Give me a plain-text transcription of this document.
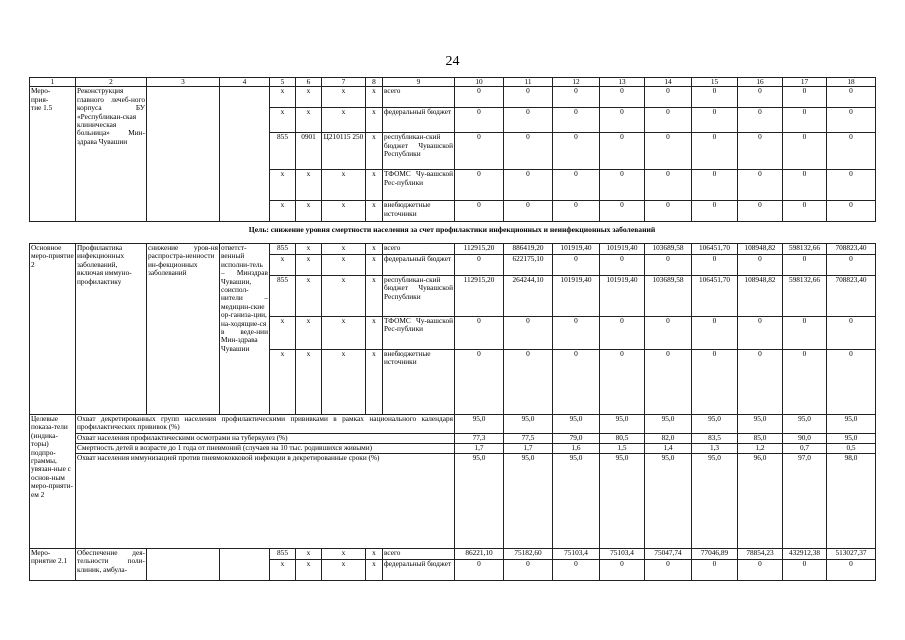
24
1	2	3	4	5	6	7	8	9	10	11	12	13	14	15	16	17	18
Меро-
прия-
тие 1.5	Реконструкция главного лечеб-ного корпуса БУ «Республикан-ская клиническая больница» Мин-здрава Чувашии			х	х	х	х	всего	0	0	0	0	0	0	0	0	0
				х	х	х	х	федеральный бюджет	0	0	0	0	0	0	0	0	0
				855	0901	Ц210115 250	х	республикан-ский бюджет Чувашской Республики	0	0	0	0	0	0	0	0	0
				х	х	х	х	ТФОМС Чу-вашской Рес-публики	0	0	0	0	0	0	0	0	0
				х	х	х	х	внебюджетные источники	0	0	0	0	0	0	0	0	0

Цель: снижение уровня смертности населения за счет профилактики инфекционных и неинфекционных заболеваний
Основное меро-приятие 2	Профилактика инфекционных заболеваний, включая иммуно-профилактику	снижение уров-ня распростра-ненности ин-фекционных заболеваний	ответст-венный исполни-тель – Минздрав Чувашии, соиспол-нители – медицин-ские ор-ганиза-ции, на-ходящие-ся в веде-нии Мин-здрава Чувашии	855	х	х	х	всего	112915,20	886419,20	101919,40	101919,40	103689,58	106451,70	108948,82	598132,66	708823,40
				х	х	х	х	федеральный бюджет	0	622175,10	0	0	0	0	0	0	0
				855	х	х	х	республикан-ский бюджет Чувашской Республики	112915,20	264244,10	101919,40	101919,40	103689,58	106451,70	108948,82	598132,66	708823,40
				х	х	х	х	ТФОМС Чу-вашской Рес-публики	0	0	0	0	0	0	0	0	0
				х	х	х	х	внебюджетные источники	0	0	0	0	0	0	0	0	0
Целевые показа-тели (индика-торы) подпро-граммы, увязан-ные с основ-ным меро-прияти-ем 2	Охват декретированных групп населения профилактическими прививками в рамках национального календаря профилактических прививок (%)								95,0	95,0	95,0	95,0	95,0	95,0	95,0	95,0	95,0
	Охват населения профилактическими осмотрами на туберкулез (%)								77,3	77,5	79,0	80,5	82,0	83,5	85,0	90,0	95,0
	Смертность детей в возрасте до 1 года от пневмоний (случаев на 10 тыс. родившихся живыми)								1,7	1,7	1,6	1,5	1,4	1,3	1,2	0,7	0,5
	Охват населения иммунизацией против пневмококковой инфекции в декретированные сроки (%)								95,0	95,0	95,0	95,0	95,0	95,0	96,0	97,0	98,0
Меро-приятие 2.1	Обеспечение дея-тельности поли-клиник, амбула-			855	х	х	х	всего	86221,10	75182,60	75103,4	75103,4	75047,74	77046,89	78854,23	432912,38	513027,37
				х	х	х	х	федеральный бюджет	0	0	0	0	0	0	0	0	0
